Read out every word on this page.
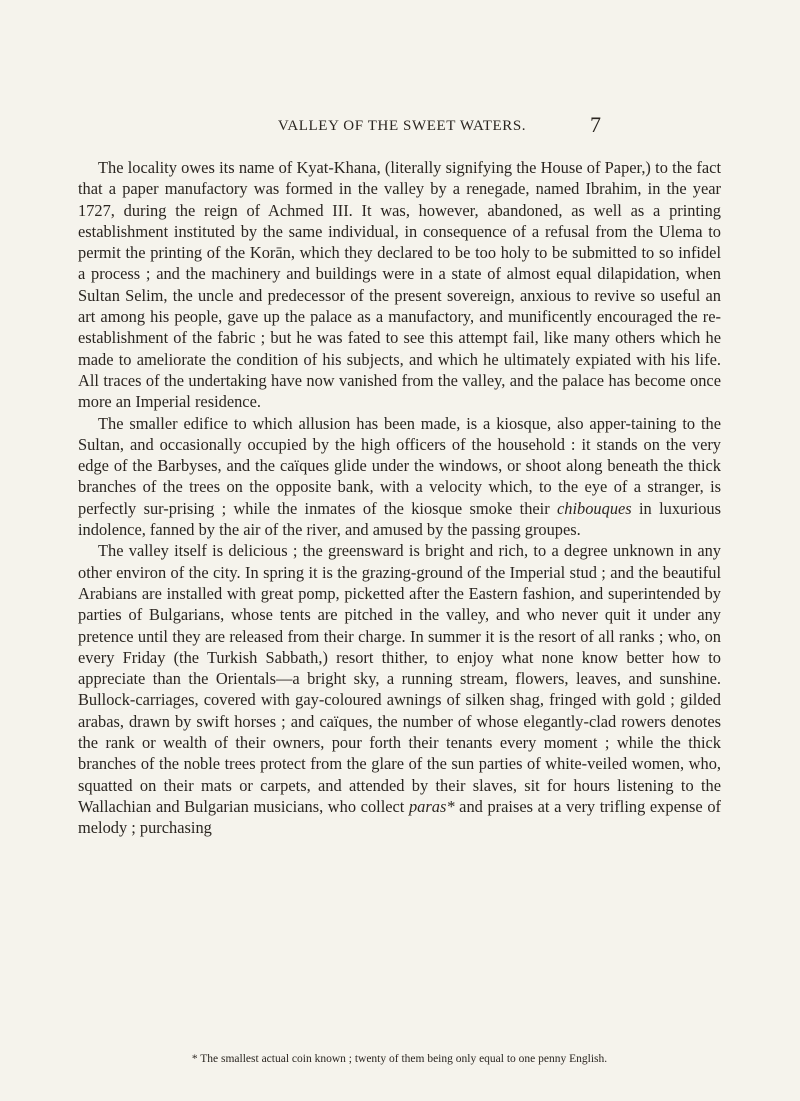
VALLEY OF THE SWEET WATERS.	7

The locality owes its name of Kyat-Khana, (literally signifying the House of Paper,) to the fact that a paper manufactory was formed in the valley by a renegade, named Ibrahim, in the year 1727, during the reign of Achmed III. It was, however, abandoned, as well as a printing establishment instituted by the same individual, in consequence of a refusal from the Ulema to permit the printing of the Korān, which they declared to be too holy to be submitted to so infidel a process ; and the machinery and buildings were in a state of almost equal dilapidation, when Sultan Selim, the uncle and predecessor of the present sovereign, anxious to revive so useful an art among his people, gave up the palace as a manufactory, and munificently encouraged the re-establishment of the fabric ; but he was fated to see this attempt fail, like many others which he made to ameliorate the condition of his subjects, and which he ultimately expiated with his life. All traces of the undertaking have now vanished from the valley, and the palace has become once more an Imperial residence.

The smaller edifice to which allusion has been made, is a kiosque, also apper-taining to the Sultan, and occasionally occupied by the high officers of the household : it stands on the very edge of the Barbyses, and the caïques glide under the windows, or shoot along beneath the thick branches of the trees on the opposite bank, with a velocity which, to the eye of a stranger, is perfectly sur-prising ; while the inmates of the kiosque smoke their chibouques in luxurious indolence, fanned by the air of the river, and amused by the passing groupes.

The valley itself is delicious ; the greensward is bright and rich, to a degree unknown in any other environ of the city. In spring it is the grazing-ground of the Imperial stud ; and the beautiful Arabians are installed with great pomp, picketted after the Eastern fashion, and superintended by parties of Bulgarians, whose tents are pitched in the valley, and who never quit it under any pretence until they are released from their charge. In summer it is the resort of all ranks ; who, on every Friday (the Turkish Sabbath,) resort thither, to enjoy what none know better how to appreciate than the Orientals—a bright sky, a running stream, flowers, leaves, and sunshine. Bullock-carriages, covered with gay-coloured awnings of silken shag, fringed with gold ; gilded arabas, drawn by swift horses ; and caïques, the number of whose elegantly-clad rowers denotes the rank or wealth of their owners, pour forth their tenants every moment ; while the thick branches of the noble trees protect from the glare of the sun parties of white-veiled women, who, squatted on their mats or carpets, and attended by their slaves, sit for hours listening to the Wallachian and Bulgarian musicians, who collect paras* and praises at a very trifling expense of melody ; purchasing

* The smallest actual coin known ; twenty of them being only equal to one penny English.
